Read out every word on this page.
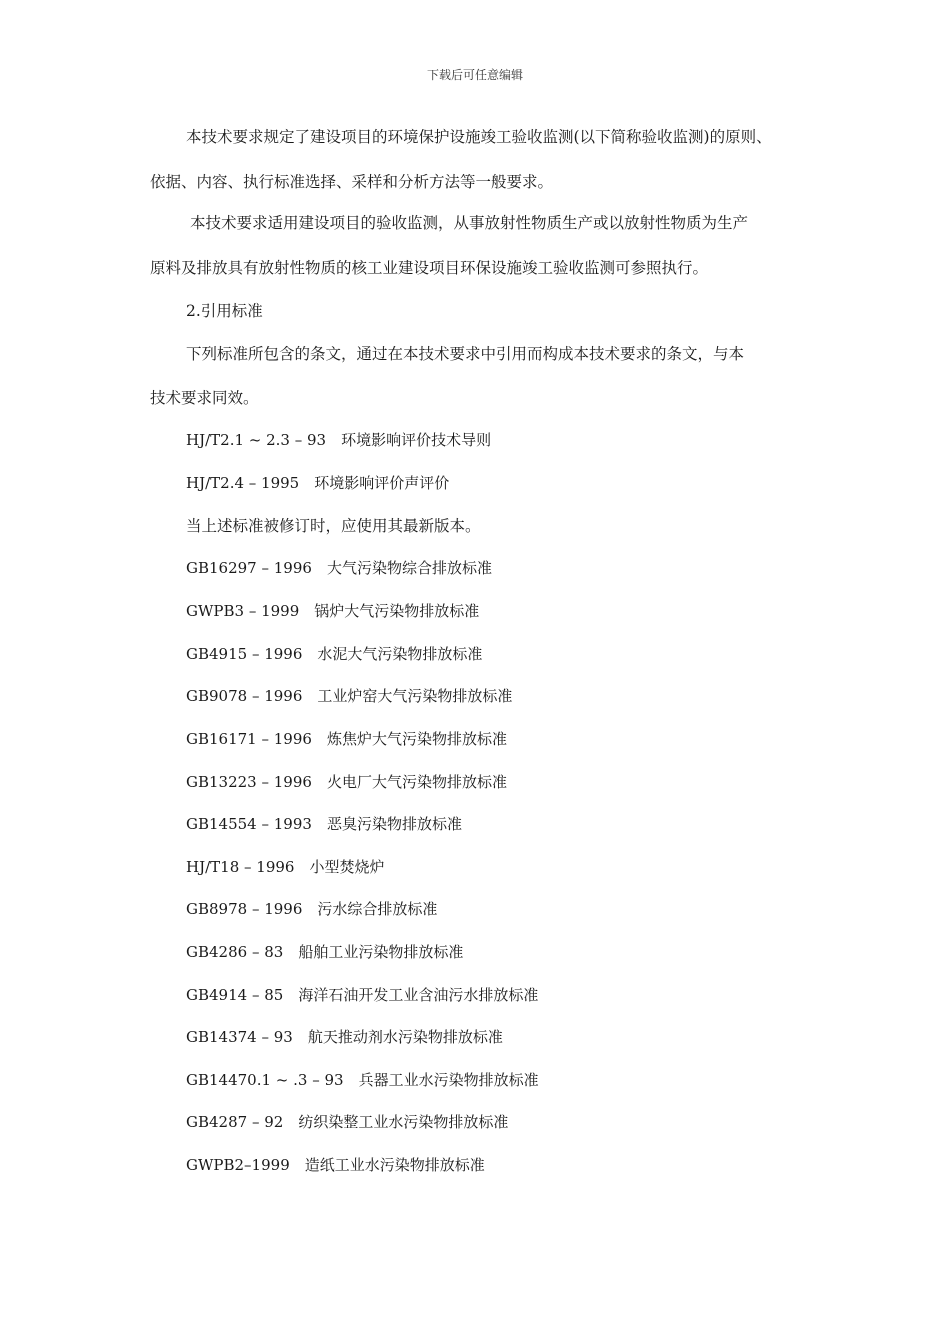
下载后可任意编辑
本技术要求规定了建设项目的环境保护设施竣工验收监测(以下简称验收监测)的原则、
依据、内容、执行标准选择、采样和分析方法等一般要求。
本技术要求适用建设项目的验收监测，从事放射性物质生产或以放射性物质为生产
原料及排放具有放射性物质的核工业建设项目环保设施竣工验收监测可参照执行。
2.引用标准
下列标准所包含的条文，通过在本技术要求中引用而构成本技术要求的条文，与本
技术要求同效。
HJ/T2.1 ~ 2.3 – 93 环境影响评价技术导则
HJ/T2.4 – 1995 环境影响评价声评价
当上述标准被修订时，应使用其最新版本。
GB16297 – 1996 大气污染物综合排放标准
GWPB3 – 1999 锅炉大气污染物排放标准
GB4915 – 1996 水泥大气污染物排放标准
GB9078 – 1996 工业炉窑大气污染物排放标准
GB16171 – 1996 炼焦炉大气污染物排放标准
GB13223 – 1996 火电厂大气污染物排放标准
GB14554 – 1993 恶臭污染物排放标准
HJ/T18 – 1996 小型焚烧炉
GB8978 – 1996 污水综合排放标准
GB4286 – 83 船舶工业污染物排放标准
GB4914 – 85 海洋石油开发工业含油污水排放标准
GB14374 – 93 航天推动剂水污染物排放标准
GB14470.1 ~ .3 – 93 兵器工业水污染物排放标准
GB4287 – 92 纺织染整工业水污染物排放标准
GWPB2–1999 造纸工业水污染物排放标准
